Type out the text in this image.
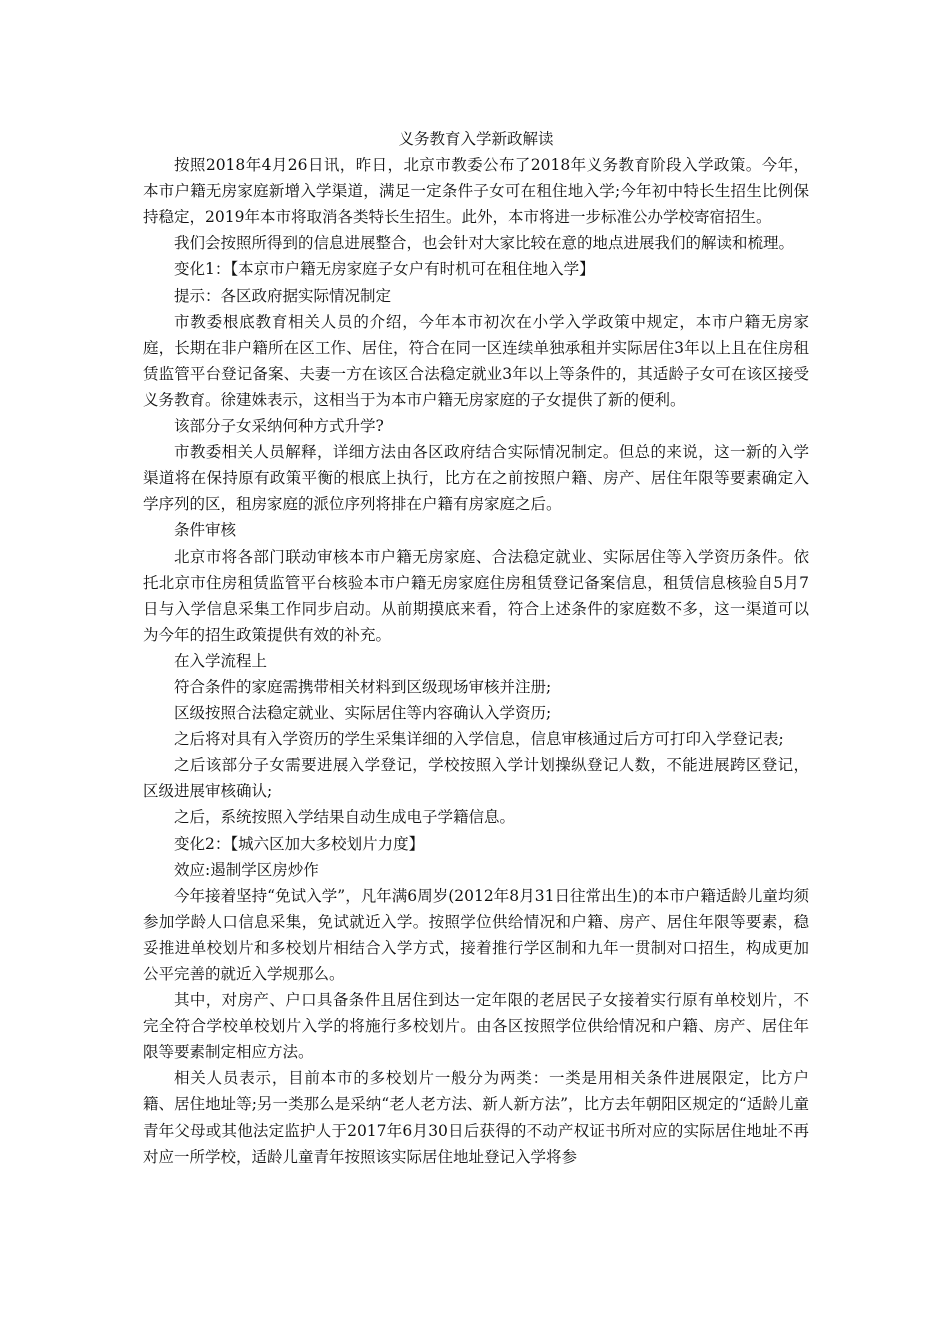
义务教育入学新政解读

按照2018年4月26日讯，昨日，北京市教委公布了2018年义务教育阶段入学政策。今年，本市户籍无房家庭新增入学渠道，满足一定条件子女可在租住地入学;今年初中特长生招生比例保持稳定，2019年本市将取消各类特长生招生。此外，本市将进一步标准公办学校寄宿招生。

我们会按照所得到的信息进展整合，也会针对大家比较在意的地点进展我们的解读和梳理。

变化1：【本京市户籍无房家庭子女户有时机可在租住地入学】

提示：各区政府据实际情况制定

市教委根底教育相关人员的介绍，今年本市初次在小学入学政策中规定，本市户籍无房家庭，长期在非户籍所在区工作、居住，符合在同一区连续单独承租并实际居住3年以上且在住房租赁监管平台登记备案、夫妻一方在该区合法稳定就业3年以上等条件的，其适龄子女可在该区接受义务教育。徐建姝表示，这相当于为本市户籍无房家庭的子女提供了新的便利。

该部分子女采纳何种方式升学?

市教委相关人员解释，详细方法由各区政府结合实际情况制定。但总的来说，这一新的入学渠道将在保持原有政策平衡的根底上执行，比方在之前按照户籍、房产、居住年限等要素确定入学序列的区，租房家庭的派位序列将排在户籍有房家庭之后。

条件审核

北京市将各部门联动审核本市户籍无房家庭、合法稳定就业、实际居住等入学资历条件。依托北京市住房租赁监管平台核验本市户籍无房家庭住房租赁登记备案信息，租赁信息核验自5月7日与入学信息采集工作同步启动。从前期摸底来看，符合上述条件的家庭数不多，这一渠道可以为今年的招生政策提供有效的补充。

在入学流程上

符合条件的家庭需携带相关材料到区级现场审核并注册;

区级按照合法稳定就业、实际居住等内容确认入学资历;

之后将对具有入学资历的学生采集详细的入学信息，信息审核通过后方可打印入学登记表;

之后该部分子女需要进展入学登记，学校按照入学计划操纵登记人数，不能进展跨区登记，区级进展审核确认;

之后，系统按照入学结果自动生成电子学籍信息。

变化2：【城六区加大多校划片力度】

效应:遏制学区房炒作

今年接着坚持“免试入学”，凡年满6周岁(2012年8月31日往常出生)的本市户籍适龄儿童均须参加学龄人口信息采集，免试就近入学。按照学位供给情况和户籍、房产、居住年限等要素，稳妥推进单校划片和多校划片相结合入学方式，接着推行学区制和九年一贯制对口招生，构成更加公平完善的就近入学规那么。

其中，对房产、户口具备条件且居住到达一定年限的老居民子女接着实行原有单校划片，不完全符合学校单校划片入学的将施行多校划片。由各区按照学位供给情况和户籍、房产、居住年限等要素制定相应方法。

相关人员表示，目前本市的多校划片一般分为两类：一类是用相关条件进展限定，比方户籍、居住地址等;另一类那么是采纳“老人老方法、新人新方法”，比方去年朝阳区规定的“适龄儿童青年父母或其他法定监护人于2017年6月30日后获得的不动产权证书所对应的实际居住地址不再对应一所学校，适龄儿童青年按照该实际居住地址登记入学将参
